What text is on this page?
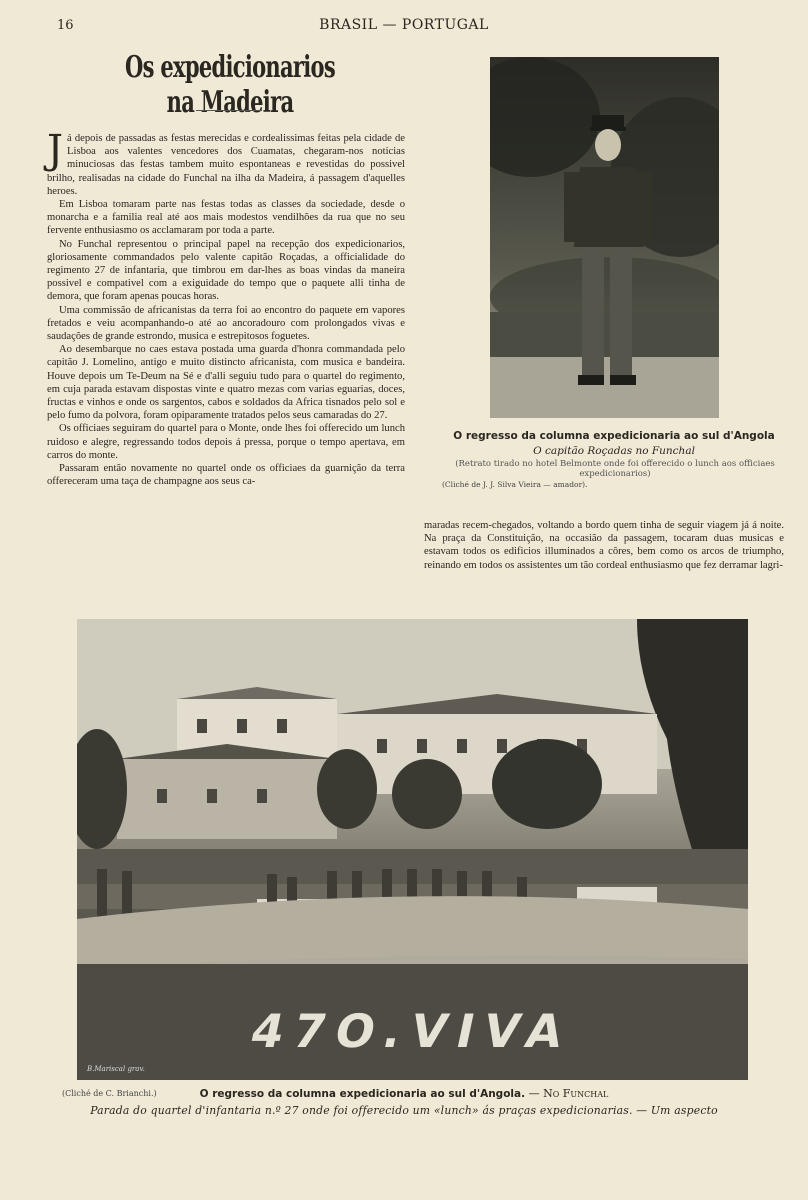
16	BRASIL — PORTUGAL
Os expedicionarios na Madeira

Já depois de passadas as festas merecidas e cordealissimas feitas pela cidade de Lisboa aos valentes vencedores dos Cuamatas, chegaram-nos noticias minuciosas das festas tambem muito espontaneas e revestidas do possivel brilho, realisadas na cidade do Funchal na ilha da Madeira, á passagem d'aquelles heroes.

Em Lisboa tomaram parte nas festas todas as classes da sociedade, desde o monarcha e a familia real até aos mais modestos vendilhões da rua que no seu fervente enthusiasmo os acclamaram por toda a parte.

No Funchal representou o principal papel na recepção dos expedicionarios, gloriosamente commandados pelo valente capitão Roçadas, a officialidade do regimento 27 de infantaria, que timbrou em dar-lhes as boas vindas da maneira possivel e compativel com a exiguidade do tempo que o paquete alli tinha de demora, que foram apenas poucas horas.

Uma commissão de africanistas da terra foi ao encontro do paquete em vapores fretados e veiu acompanhando-o até ao ancoradouro com prolongados vivas e saudações de grande estrondo, musica e estrepitosos foguetes.

Ao desembarque no caes estava postada uma guarda d'honra commandada pelo capitão J. Lomelino, antigo e muito distincto africanista, com musica e bandeira. Houve depois um Te-Deum na Sé e d'alli seguiu tudo para o quartel do regimento, em cuja parada estavam dispostas vinte e quatro mezas com varias eguarias, doces, fructas e vinhos e onde os sargentos, cabos e soldados da Africa tisnados pelo sol e pelo fumo da polvora, foram opiparamente tratados pelos seus camaradas do 27.

Os officiaes seguiram do quartel para o Monte, onde lhes foi offerecido um lunch ruidoso e alegre, regressando todos depois á pressa, porque o tempo apertava, em carros do monte.

Passaram então novamente no quartel onde os officiaes da guarnição da terra offereceram uma taça de champagne aos seus ca-

O regresso da columna expedicionaria ao sul d'Angola
O capitão Roçadas no Funchal
(Retrato tirado no hotel Belmonte onde foi offerecido o lunch aos officiaes expedicionarios)
(Cliché de J. J. Silva Vieira — amador).

maradas recem-chegados, voltando a bordo quem tinha de seguir viagem já á noite. Na praça da Constituição, na occasião da passagem, tocaram duas musicas e estavam todos os edificios illuminados a côres, bem como os arcos de triumpho, reinando em todos os assistentes um tão cordeal enthusiasmo que fez derramar lagri-

47O.VIVA
B.Mariscal grav.
O regresso da columna expedicionaria ao sul d'Angola. — No Funchal
(Cliché de C. Brianchi.)
Parada do quartel d'infantaria n.º 27 onde foi offerecido um «lunch» ás praças expedicionarias. — Um aspecto
